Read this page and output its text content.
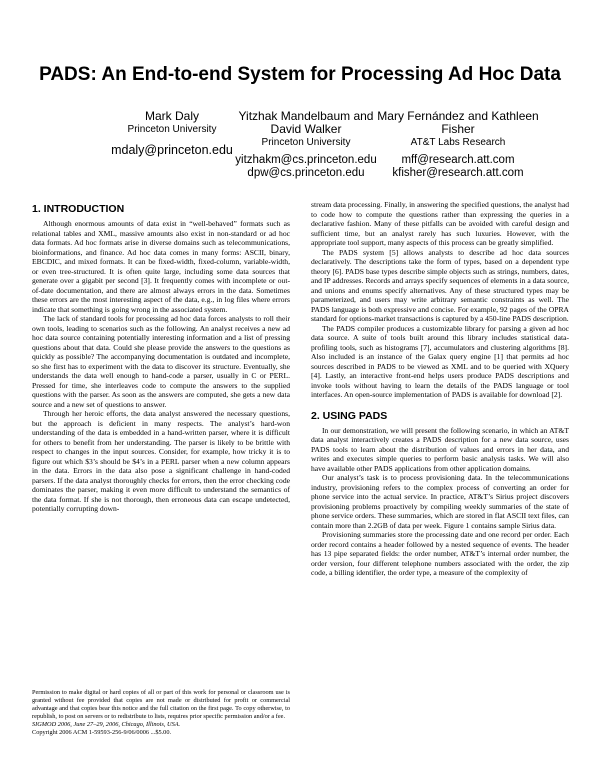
PADS: An End-to-end System for Processing Ad Hoc Data
Mark Daly
Princeton University
mdaly@princeton.edu
Yitzhak Mandelbaum and David Walker
Princeton University
yitzhakm@cs.princeton.edu dpw@cs.princeton.edu
Mary Fernández and Kathleen Fisher
AT&T Labs Research
mff@research.att.com kfisher@research.att.com
1. INTRODUCTION

Although enormous amounts of data exist in “well-behaved” formats such as relational tables and XML, massive amounts also exist in non-standard or ad hoc data formats. Ad hoc formats arise in diverse domains such as telecommunications, bioinformations, and finance. Ad hoc data comes in many forms: ASCII, binary, EBCDIC, and mixed formats. It can be fixed-width, fixed-column, variable-width, or even tree-structured. It is often quite large, including some data sources that generate over a gigabit per second [3]. It frequently comes with incomplete or out-of-date documentation, and there are almost always errors in the data. Sometimes these errors are the most interesting aspect of the data, e.g., in log files where errors indicate that something is going wrong in the associated system.

The lack of standard tools for processing ad hoc data forces analysts to roll their own tools, leading to scenarios such as the following. An analyst receives a new ad hoc data source containing potentially interesting information and a list of pressing questions about that data. Could she please provide the answers to the questions as quickly as possible? The accompanying documentation is outdated and incomplete, so she first has to experiment with the data to discover its structure. Eventually, she understands the data well enough to hand-code a parser, usually in C or PERL. Pressed for time, she interleaves code to compute the answers to the supplied questions with the parser. As soon as the answers are computed, she gets a new data source and a new set of questions to answer.

Through her heroic efforts, the data analyst answered the necessary questions, but the approach is deficient in many respects. The analyst’s hard-won understanding of the data is embedded in a hand-written parser, where it is difficult for others to benefit from her understanding. The parser is likely to be brittle with respect to changes in the input sources. Consider, for example, how tricky it is to figure out which $3’s should be $4’s in a PERL parser when a new column appears in the data. Errors in the data also pose a significant challenge in hand-coded parsers. If the data analyst thoroughly checks for errors, then the error checking code dominates the parser, making it even more difficult to understand the semantics of the data format. If she is not thorough, then erroneous data can escape undetected, potentially corrupting down-

Permission to make digital or hard copies of all or part of this work for personal or classroom use is granted without fee provided that copies are not made or distributed for profit or commercial advantage and that copies bear this notice and the full citation on the first page. To copy otherwise, to republish, to post on servers or to redistribute to lists, requires prior specific permission and/or a fee.
SIGMOD 2006, June 27–29, 2006, Chicago, Illinois, USA.
Copyright 2006 ACM 1-59593-256-9/06/0006 ...$5.00.

stream data processing. Finally, in answering the specified questions, the analyst had to code how to compute the questions rather than expressing the queries in a declarative fashion. Many of these pitfalls can be avoided with careful design and sufficient time, but an analyst rarely has such luxuries. However, with the appropriate tool support, many aspects of this process can be greatly simplified.

The PADS system [5] allows analysts to describe ad hoc data sources declaratively. The descriptions take the form of types, based on a dependent type theory [6]. PADS base types describe simple objects such as strings, numbers, dates, and IP addresses. Records and arrays specify sequences of elements in a data source, and unions and enums specify alternatives. Any of these structured types may be parameterized, and users may write arbitrary semantic constraints as well. The PADS language is both expressive and concise. For example, 92 pages of the OPRA standard for options-market transactions is captured by a 450-line PADS description.

The PADS compiler produces a customizable library for parsing a given ad hoc data source. A suite of tools built around this library includes statistical data-profiling tools, such as histograms [7], accumulators and clustering algorithms [8]. Also included is an instance of the Galax query engine [1] that permits ad hoc sources described in PADS to be viewed as XML and to be queried with XQuery [4]. Lastly, an interactive front-end helps users produce PADS descriptions and invoke tools without having to learn the details of the PADS language or tool interfaces. An open-source implementation of PADS is available for download [2].

2. USING PADS

In our demonstration, we will present the following scenario, in which an AT&T data analyst interactively creates a PADS description for a new data source, uses PADS tools to learn about the distribution of values and errors in her data, and writes and executes simple queries to perform basic analysis tasks. We will also have available other PADS applications from other application domains.

Our analyst’s task is to process provisioning data. In the telecommunications industry, provisioning refers to the complex process of converting an order for phone service into the actual service. In practice, AT&T’s Sirius project discovers provisioning problems proactively by compiling weekly summaries of the state of phone service orders. These summaries, which are stored in flat ASCII text files, can contain more than 2.2GB of data per week. Figure 1 contains sample Sirius data.

Provisioning summaries store the processing date and one record per order. Each order record contains a header followed by a nested sequence of events. The header has 13 pipe separated fields: the order number, AT&T’s internal order number, the order version, four different telephone numbers associated with the order, the zip code, a billing identifier, the order type, a measure of the complexity of
